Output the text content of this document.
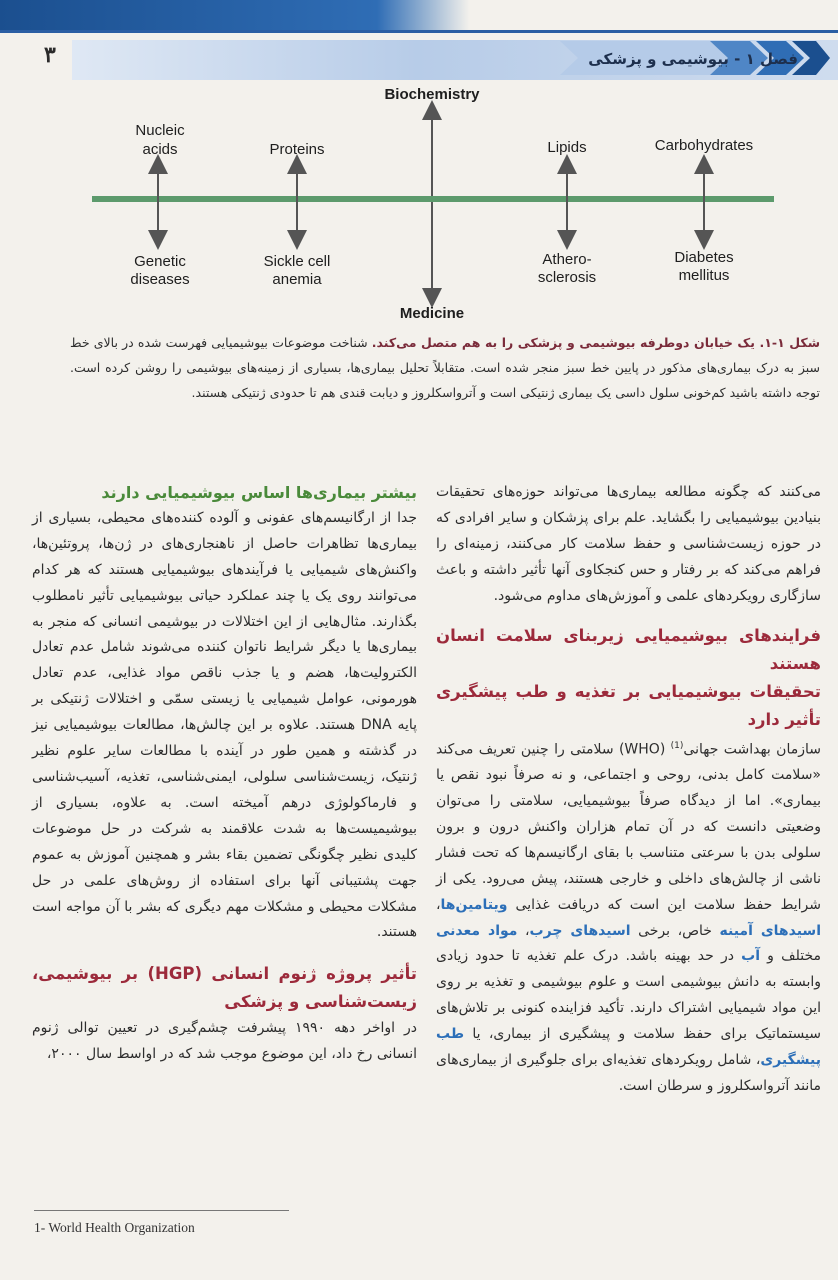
۳	فصل ۱ - بیوشیمی و پزشکی
Biochemistry
Medicine
Nucleic
acids	Proteins	Lipids	Carbohydrates
Genetic
diseases
Sickle cell
anemia
Athero-
sclerosis
Diabetes
mellitus
شکل ۱-۱. یک خیابان دوطرفه بیوشیمی و پزشکی را به هم متصل می‌کند. شناخت موضوعات بیوشیمیایی فهرست شده در بالای خط سبز به درک بیماری‌های مذکور در پایین خط سبز منجر شده است. متقابلاً تحلیل بیماری‌ها، بسیاری از زمینه‌های بیوشیمی را روشن کرده است. توجه داشته باشید کم‌خونی سلول داسی یک بیماری ژنتیکی است و آترواسکلروز و دیابت قندی هم تا حدودی ژنتیکی هستند.

می‌کنند که چگونه مطالعه بیماری‌ها می‌تواند حوزه‌های تحقیقات بنیادین بیوشیمیایی را بگشاید. علم برای پزشکان و سایر افرادی که در حوزه زیست‌شناسی و حفظ سلامت کار می‌کنند، زمینه‌ای را فراهم می‌کند که بر رفتار و حس کنجکاوی آنها تأثیر داشته و باعث سازگاری رویکردهای علمی و آموزش‌های مداوم می‌شود.

فرایندهای بیوشیمیایی زیربنای سلامت انسان هستند
تحقیقات بیوشیمیایی بر تغذیه و طب پیشگیری تأثیر دارد

سازمان بهداشت جهانی$^{(1)}$ (WHO) سلامتی را چنین تعریف می‌کند «سلامت کامل بدنی، روحی و اجتماعی، و نه صرفاً نبود نقص یا بیماری». اما از دیدگاه صرفاً بیوشیمیایی، سلامتی را می‌توان وضعیتی دانست که در آن تمام هزاران واکنش درون و برون سلولی بدن با سرعتی متناسب با بقای ارگانیسم‌ها که تحت فشار ناشی از چالش‌های داخلی و خارجی هستند، پیش می‌رود. یکی از شرایط حفظ سلامت این است که دریافت غذایی ویتامین‌ها، اسیدهای آمینه خاص، برخی اسیدهای چرب، مواد معدنی مختلف و آب در حد بهینه باشد. درک علم تغذیه تا حدود زیادی وابسته به دانش بیوشیمی است و علوم بیوشیمی و تغذیه بر روی این مواد شیمیایی اشتراک دارند. تأکید فزاینده کنونی بر تلاش‌های سیستماتیک برای حفظ سلامت و پیشگیری از بیماری، یا طب پیشگیری، شامل رویکردهای تغذیه‌ای برای جلوگیری از بیماری‌های مانند آترواسکلروز و سرطان است.

بیشتر بیماری‌ها اساس بیوشیمیایی دارند

جدا از ارگانیسم‌های عفونی و آلوده کننده‌های محیطی، بسیاری از بیماری‌ها تظاهرات حاصل از ناهنجاری‌های در ژن‌ها، پروتئین‌ها، واکنش‌های شیمیایی یا فرآیندهای بیوشیمیایی هستند که هر کدام می‌توانند روی یک یا چند عملکرد حیاتی بیوشیمیایی تأثیر نامطلوب بگذارند. مثال‌هایی از این اختلالات در بیوشیمی انسانی که منجر به بیماری‌ها یا دیگر شرایط ناتوان کننده می‌شوند شامل عدم تعادل الکترولیت‌ها، هضم و یا جذب ناقص مواد غذایی، عدم تعادل هورمونی، عوامل شیمیایی یا زیستی سمّی و اختلالات ژنتیکی بر پایه DNA هستند. علاوه بر این چالش‌ها، مطالعات بیوشیمیایی نیز در گذشته و همین طور در آینده با مطالعات سایر علوم نظیر ژنتیک، زیست‌شناسی سلولی، ایمنی‌شناسی، تغذیه، آسیب‌شناسی و فارماکولوژی درهم آمیخته است. به علاوه، بسیاری از بیوشیمیست‌ها به شدت علاقمند به شرکت در حل موضوعات کلیدی نظیر چگونگی تضمین بقاء بشر و همچنین آموزش به عموم جهت پشتیبانی آنها برای استفاده از روش‌های علمی در حل مشکلات محیطی و مشکلات مهم دیگری که بشر با آن مواجه است هستند.

تأثیر پروژه ژنوم انسانی (HGP) بر بیوشیمی، زیست‌شناسی و پزشکی

در اواخر دهه ۱۹۹۰ پیشرفت چشم‌گیری در تعیین توالی ژنوم انسانی رخ داد، این موضوع موجب شد که در اواسط سال ۲۰۰۰،

1- World Health Organization
